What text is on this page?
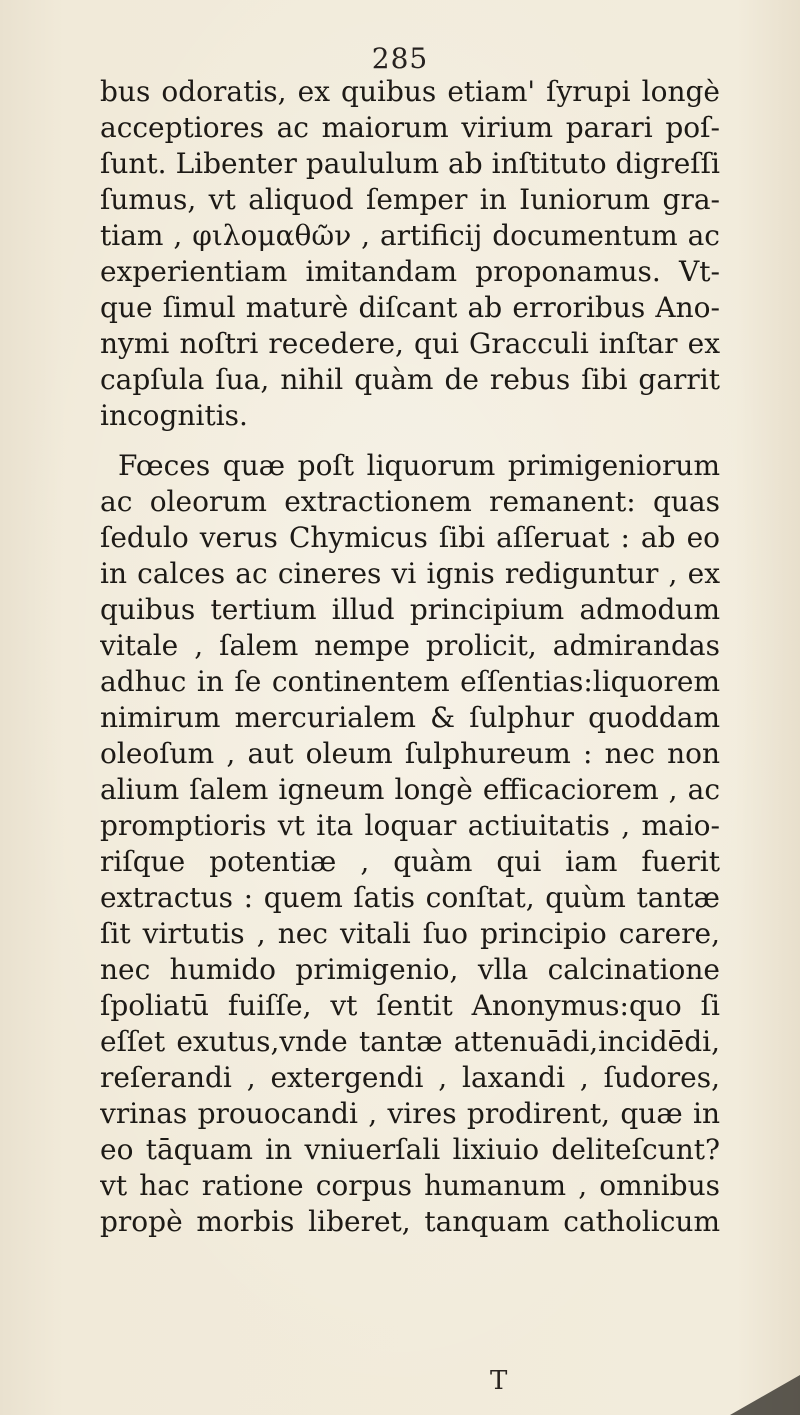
285
bus odoratis, ex quibus etiam' ſyrupi longè
acceptiores ac maiorum virium parari poſ-
ſunt. Libenter paululum ab inſtituto digreſſi
ſumus, vt aliquod ſemper in Iuniorum gra-
tiam , φιλομαθῶν , artificij documentum ac
experientiam imitandam proponamus. Vt-
que ſimul maturè diſcant ab erroribus Ano-
nymi noſtri recedere, qui Gracculi inſtar ex
capſula ſua, nihil quàm de rebus ſibi garrit
incognitis.
Fœces quæ poſt liquorum primigeniorum
ac oleorum extractionem remanent: quas
ſedulo verus Chymicus ſibi aſſeruat : ab eo
in calces ac cineres vi ignis rediguntur , ex
quibus tertium illud principium admodum
vitale , ſalem nempe prolicit, admirandas
adhuc in ſe continentem eſſentias:liquorem
nimirum mercurialem & ſulphur quoddam
oleoſum , aut oleum ſulphureum : nec non
alium ſalem igneum longè efficaciorem , ac
promptioris vt ita loquar actiuitatis , maio-
riſque potentiæ , quàm qui iam fuerit
extractus : quem ſatis conſtat, quùm tantæ
ſit virtutis , nec vitali ſuo principio carere,
nec humido primigenio, vlla calcinatione
ſpoliatū fuiſſe, vt ſentit Anonymus:quo ſi
eſſet exutus,vnde tantæ attenuādi,incidēdi,
reſerandi , extergendi , laxandi , ſudores,
vrinas prouocandi , vires prodirent, quæ in
eo tāquam in vniuerſali lixiuio deliteſcunt?
vt hac ratione corpus humanum , omnibus
propè morbis liberet, tanquam catholicum
T
